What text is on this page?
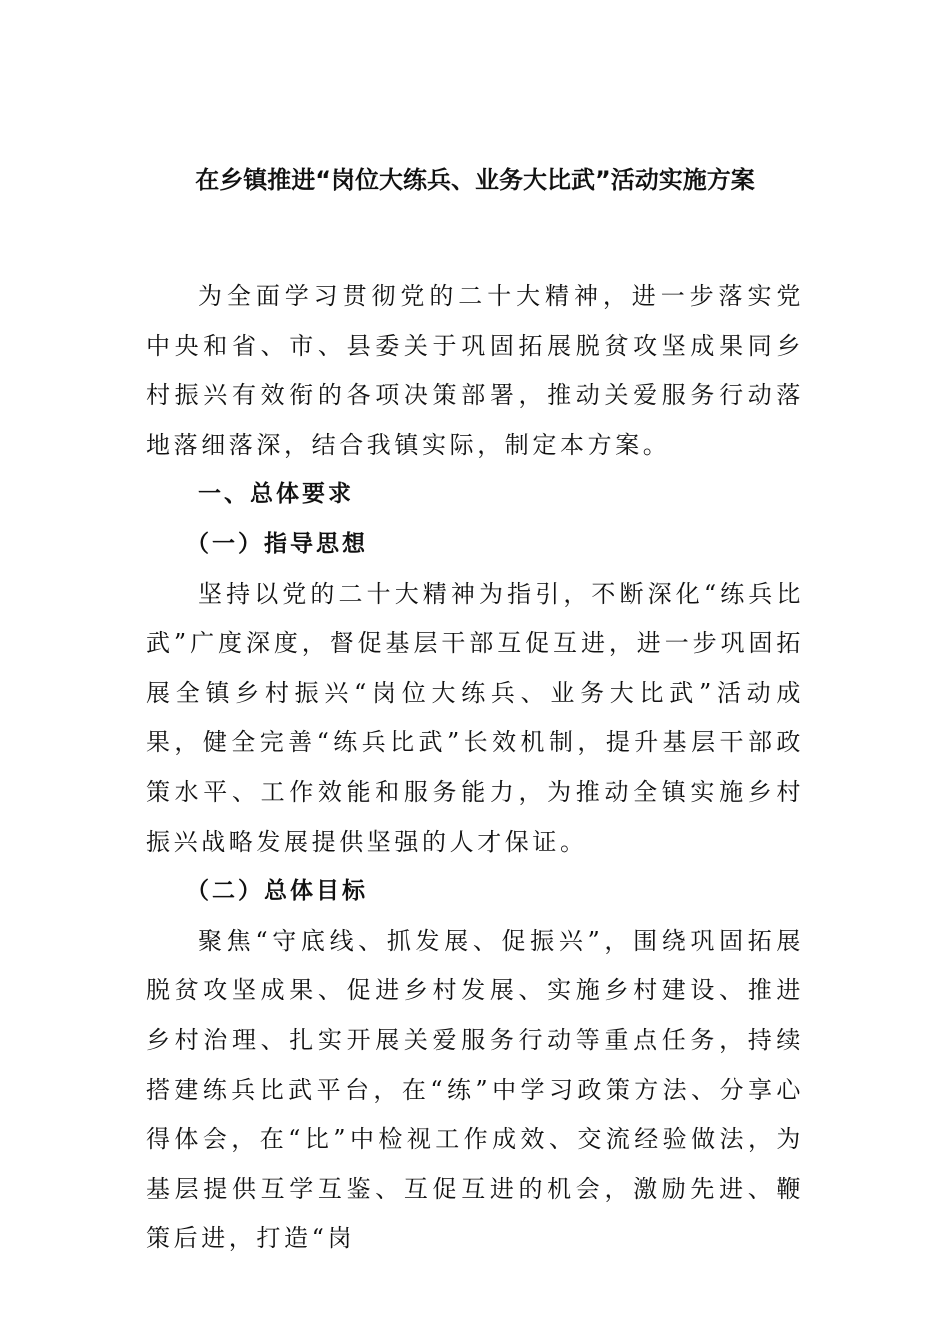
在乡镇推进“岗位大练兵、业务大比武”活动实施方案

为全面学习贯彻党的二十大精神，进一步落实党中央和省、市、县委关于巩固拓展脱贫攻坚成果同乡村振兴有效衔的各项决策部署，推动关爱服务行动落地落细落深，结合我镇实际，制定本方案。

一、总体要求

（一）指导思想

坚持以党的二十大精神为指引，不断深化“练兵比武”广度深度，督促基层干部互促互进，进一步巩固拓展全镇乡村振兴“岗位大练兵、业务大比武”活动成果，健全完善“练兵比武”长效机制，提升基层干部政策水平、工作效能和服务能力，为推动全镇实施乡村振兴战略发展提供坚强的人才保证。

（二）总体目标

聚焦“守底线、抓发展、促振兴”，围绕巩固拓展脱贫攻坚成果、促进乡村发展、实施乡村建设、推进乡村治理、扎实开展关爱服务行动等重点任务，持续搭建练兵比武平台，在“练”中学习政策方法、分享心得体会，在“比”中检视工作成效、交流经验做法，为基层提供互学互鉴、互促互进的机会，激励先进、鞭策后进，打造“岗
